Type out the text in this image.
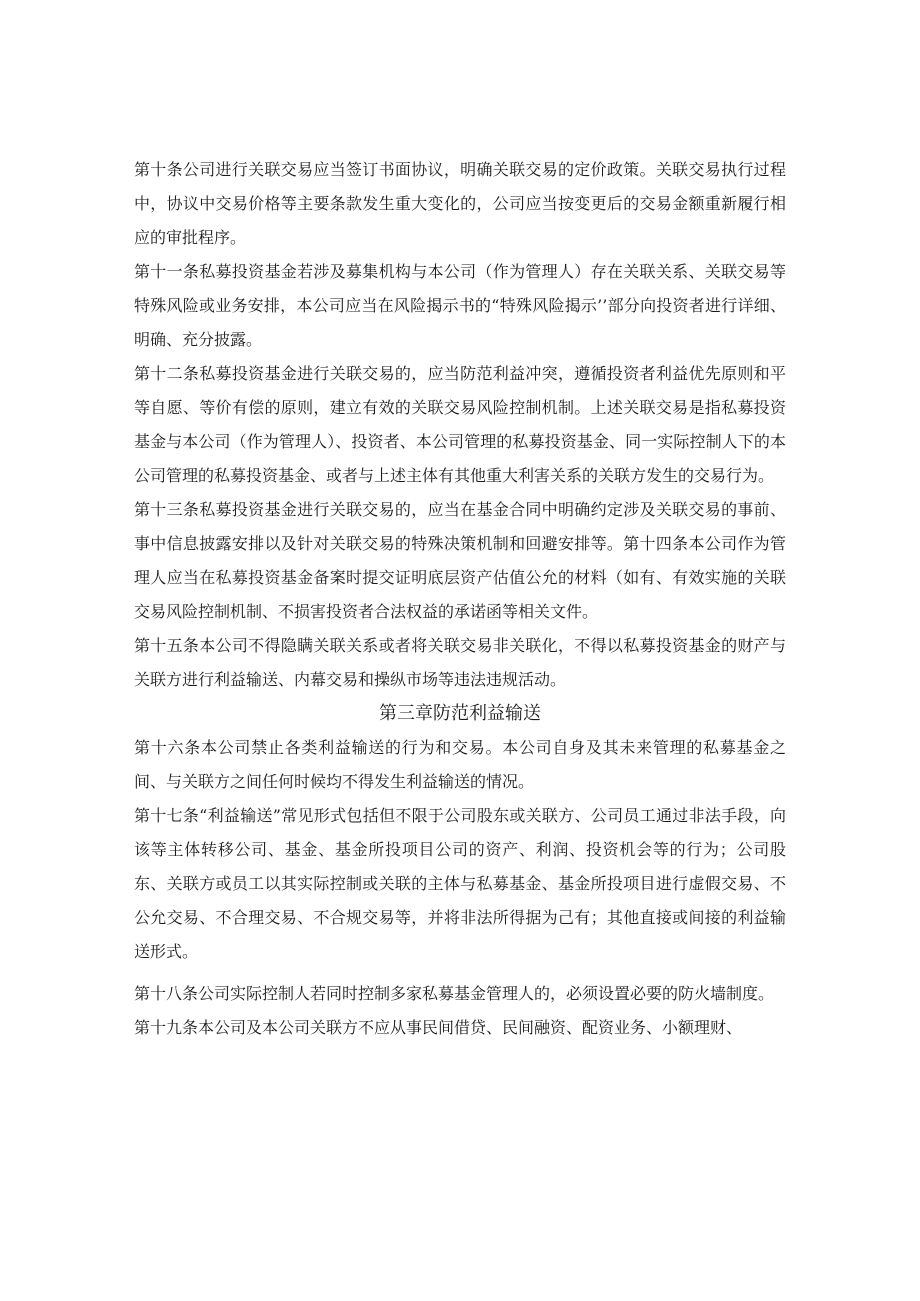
第十条公司进行关联交易应当签订书面协议，明确关联交易的定价政策。关联交易执行过程中，协议中交易价格等主要条款发生重大变化的，公司应当按变更后的交易金额重新履行相应的审批程序。

第十一条私募投资基金若涉及募集机构与本公司（作为管理人）存在关联关系、关联交易等特殊风险或业务安排，本公司应当在风险揭示书的“特殊风险揭示’’部分向投资者进行详细、明确、充分披露。

第十二条私募投资基金进行关联交易的，应当防范利益冲突，遵循投资者利益优先原则和平等自愿、等价有偿的原则，建立有效的关联交易风险控制机制。上述关联交易是指私募投资基金与本公司（作为管理人）、投资者、本公司管理的私募投资基金、同一实际控制人下的本公司管理的私募投资基金、或者与上述主体有其他重大利害关系的关联方发生的交易行为。

第十三条私募投资基金进行关联交易的，应当在基金合同中明确约定涉及关联交易的事前、事中信息披露安排以及针对关联交易的特殊决策机制和回避安排等。第十四条本公司作为管理人应当在私募投资基金备案时提交证明底层资产估值公允的材料（如有、有效实施的关联交易风险控制机制、不损害投资者合法权益的承诺函等相关文件。

第十五条本公司不得隐瞒关联关系或者将关联交易非关联化，不得以私募投资基金的财产与关联方进行利益输送、内幕交易和操纵市场等违法违规活动。

第三章防范利益输送

第十六条本公司禁止各类利益输送的行为和交易。本公司自身及其未来管理的私募基金之间、与关联方之间任何时候均不得发生利益输送的情况。

第十七条“利益输送”常见形式包括但不限于公司股东或关联方、公司员工通过非法手段，向该等主体转移公司、基金、基金所投项目公司的资产、利润、投资机会等的行为；公司股东、关联方或员工以其实际控制或关联的主体与私募基金、基金所投项目进行虚假交易、不公允交易、不合理交易、不合规交易等，并将非法所得据为己有；其他直接或间接的利益输送形式。

第十八条公司实际控制人若同时控制多家私募基金管理人的，必须设置必要的防火墙制度。

第十九条本公司及本公司关联方不应从事民间借贷、民间融资、配资业务、小额理财、
